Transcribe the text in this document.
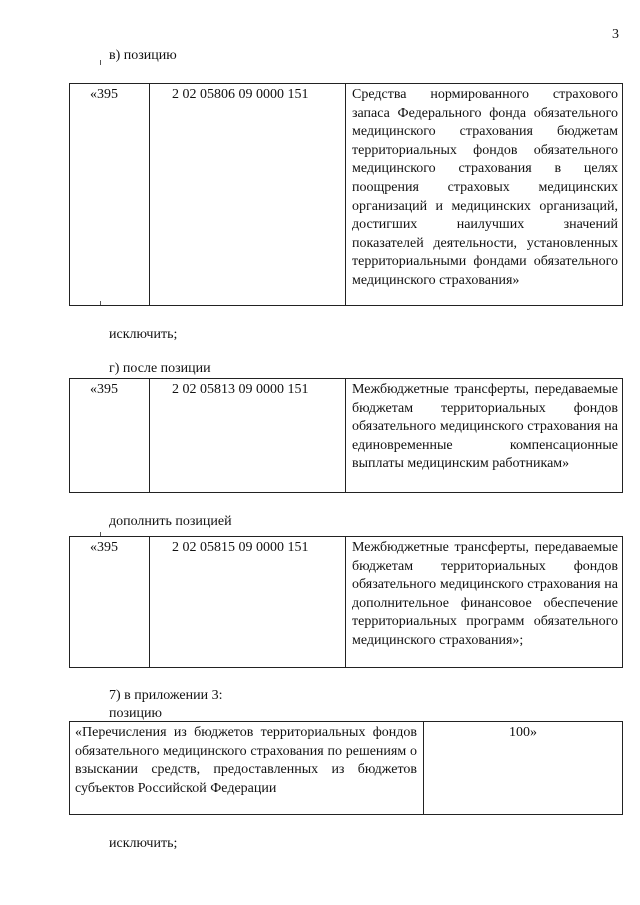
3
в) позицию
«395	2 02 05806 09 0000 151	Средства нормированного страхового запаса Федерального фонда обязательного медицинского страхования бюджетам территориальных фондов обязательного медицинского страхования в целях поощрения страховых медицинских организаций и медицинских организаций, достигших наилучших значений показателей деятельности, установленных территориальными фондами обязательного медицинского страхования»
исключить;
г) после позиции
«395	2 02 05813 09 0000 151	Межбюджетные трансферты, передаваемые бюджетам территориальных фондов обязательного медицинского страхования на единовременные компенсационные выплаты медицинским работникам»
дополнить позицией
«395	2 02 05815 09 0000 151	Межбюджетные трансферты, передаваемые бюджетам территориальных фондов обязательного медицинского страхования на дополнительное финансовое обеспечение территориальных программ обязательного медицинского страхования»;
7) в приложении 3:
позицию
«Перечисления из бюджетов территориальных фондов обязательного медицинского страхования по решениям о взыскании средств, предоставленных из бюджетов субъектов Российской Федерации	100»
исключить;
